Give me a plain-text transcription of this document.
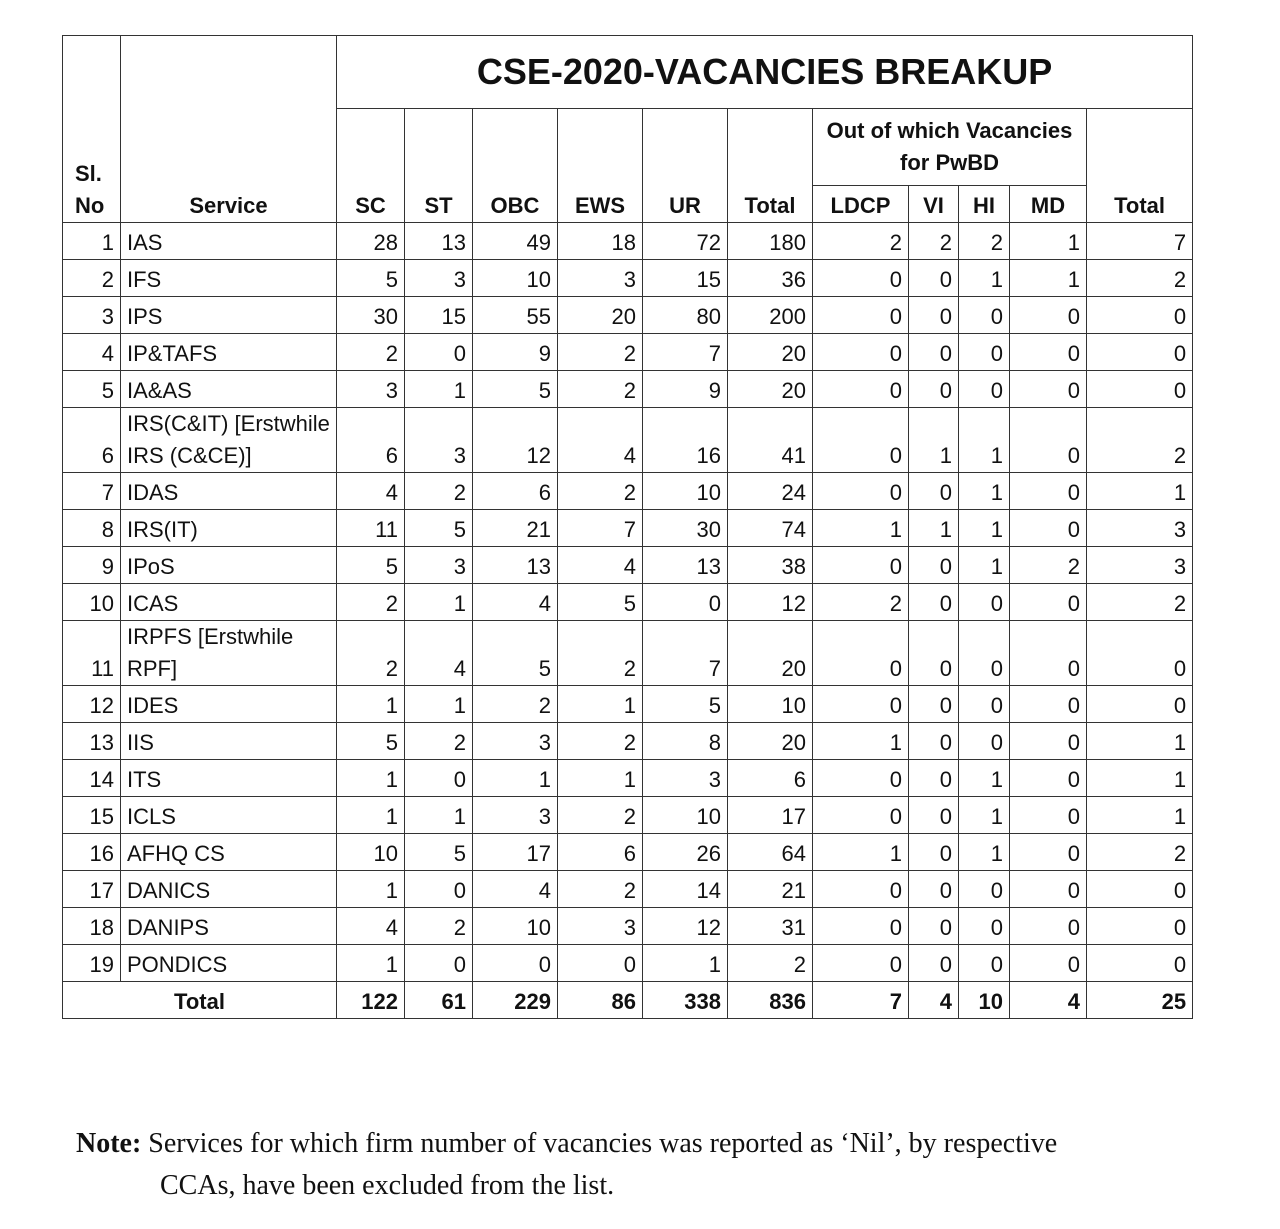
Sl. No	Service	CSE-2020-VACANCIES BREAKUP										
		SC	ST	OBC	EWS	UR	Total	Out of which Vacancies for PwBD				Total
								LDCP	VI	HI	MD	
1	IAS	28	13	49	18	72	180	2	2	2	1	7
2	IFS	5	3	10	3	15	36	0	0	1	1	2
3	IPS	30	15	55	20	80	200	0	0	0	0	0
4	IP&TAFS	2	0	9	2	7	20	0	0	0	0	0
5	IA&AS	3	1	5	2	9	20	0	0	0	0	0
6	IRS(C&IT) [Erstwhile IRS (C&CE)]	6	3	12	4	16	41	0	1	1	0	2
7	IDAS	4	2	6	2	10	24	0	0	1	0	1
8	IRS(IT)	11	5	21	7	30	74	1	1	1	0	3
9	IPoS	5	3	13	4	13	38	0	0	1	2	3
10	ICAS	2	1	4	5	0	12	2	0	0	0	2
11	IRPFS [Erstwhile RPF]	2	4	5	2	7	20	0	0	0	0	0
12	IDES	1	1	2	1	5	10	0	0	0	0	0
13	IIS	5	2	3	2	8	20	1	0	0	0	1
14	ITS	1	0	1	1	3	6	0	0	1	0	1
15	ICLS	1	1	3	2	10	17	0	0	1	0	1
16	AFHQ CS	10	5	17	6	26	64	1	0	1	0	2
17	DANICS	1	0	4	2	14	21	0	0	0	0	0
18	DANIPS	4	2	10	3	12	31	0	0	0	0	0
19	PONDICS	1	0	0	0	1	2	0	0	0	0	0
Total		122	61	229	86	338	836	7	4	10	4	25
Note: Services for which firm number of vacancies was reported as ‘Nil’, by respective
CCAs, have been excluded from the list.
